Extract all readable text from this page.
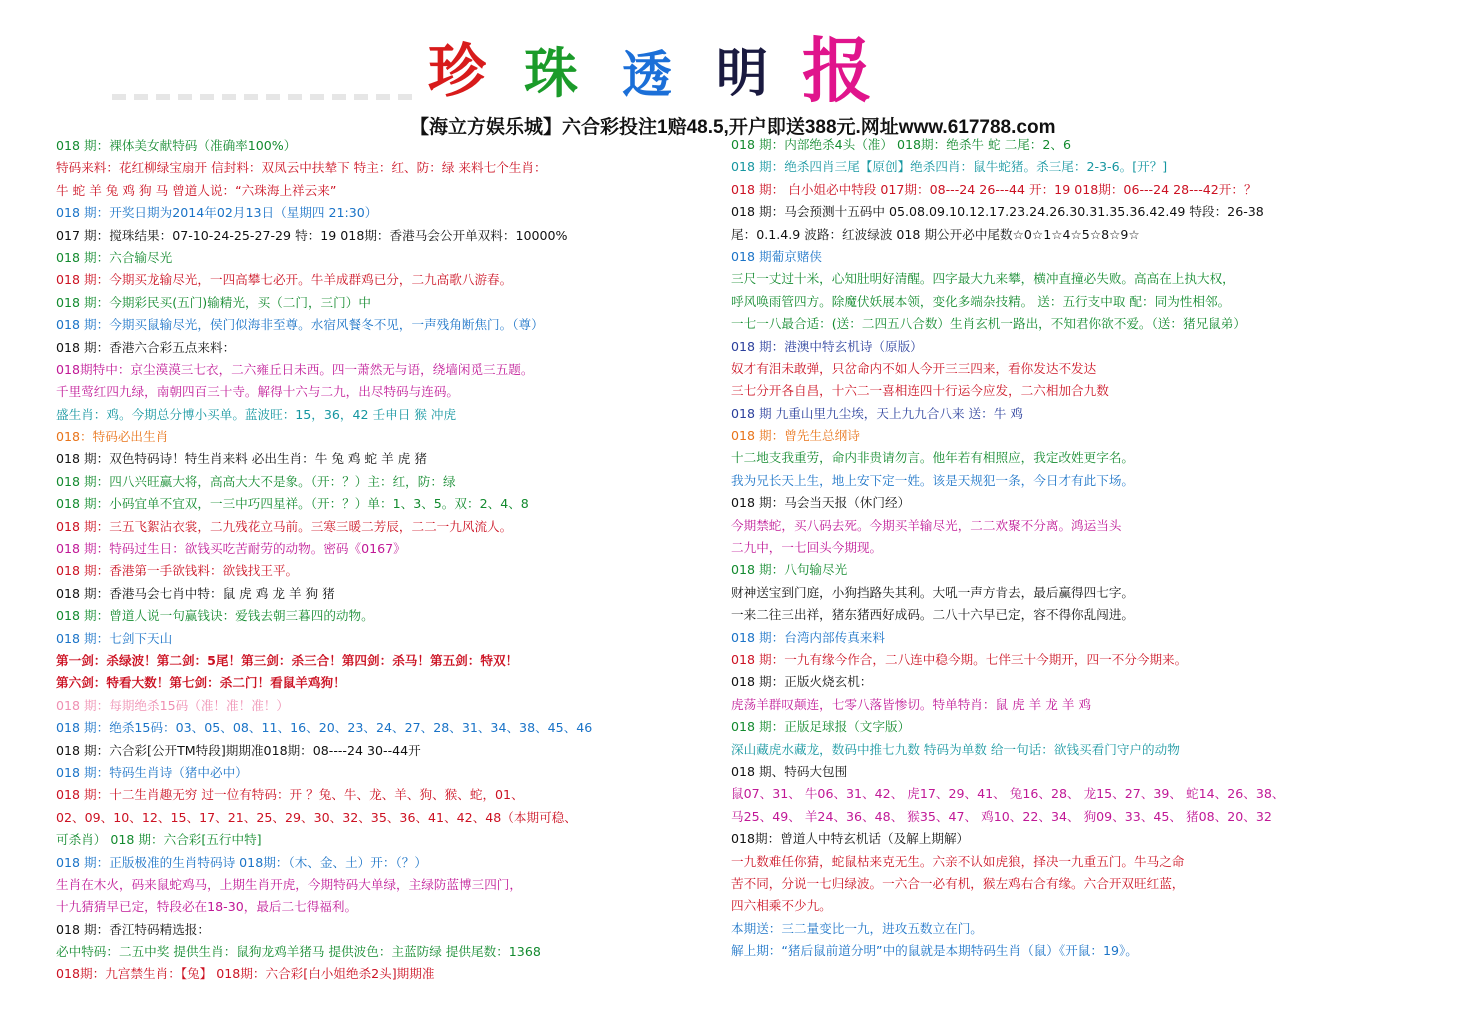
珍 珠 透 明 报
【海立方娱乐城】六合彩投注1赔48.5,开户即送388元.网址www.617788.com
018 期：裸体美女献特码（准确率100%）
特码来料：花红柳绿宝扇开 信封料：双凤云中扶辇下 特主：红、防：绿 来料七个生肖：
牛 蛇 羊 兔 鸡 狗 马 曾道人说：“六珠海上祥云来”
018 期：开奖日期为2014年02月13日（星期四 21:30）
017 期：搅珠结果：07-10-24-25-27-29 特：19 018期：香港马会公开单双料：10000%
018 期：六合输尽光
018 期：今期买龙输尽光，一四高攀七必开。牛羊成群鸡已分，二九高歌八游春。
018 期：今期彩民买(五门)输精光，买（二门，三门）中
018 期：今期买鼠输尽光，侯门似海非至尊。水宿风餐冬不见，一声残角断焦门。（尊）
018 期：香港六合彩五点来料：
018期特中：京尘漠漠三七衣，二六雍丘日未西。四一萧然无与语，绕墙闲觅三五题。
千里莺红四九绿，南朝四百三十寺。解得十六与二九，出尽特码与连码。
盛生肖：鸡。今期总分博小买单。蓝波旺：15，36，42 壬申日 猴 冲虎
018：特码必出生肖
018 期：双色特码诗！特生肖来料 必出生肖：牛 兔 鸡 蛇 羊 虎 猪
018 期：四八兴旺赢大将，高高大大不是象。（开：？）主：红，防：绿
018 期：小码宜单不宜双，一三中巧四星祥。（开：？）单：1、3、5。双：2、4、8
018 期：三五飞絮沾衣裳，二九残花立马前。三寒三暖二芳辰，二二一九风流人。
018 期：特码过生日：欲钱买吃苦耐劳的动物。密码《0167》
018 期：香港第一手欲钱料：欲钱找王平。
018 期：香港马会七肖中特：鼠 虎 鸡 龙 羊 狗 猪
018 期：曾道人说一句赢钱诀：爱钱去朝三暮四的动物。
018 期：七剑下天山
第一剑：杀绿波！第二剑：5尾！第三剑：杀三合！第四剑：杀马！第五剑：特双！
第六剑：特看大数！第七剑：杀二门！看鼠羊鸡狗！
018 期：每期绝杀15码（准！准！准！）
018 期：绝杀15码：03、05、08、11、16、20、23、24、27、28、31、34、38、45、46
018 期：六合彩[公开TM特段]期期准018期：08----24 30--44开
018 期：特码生肖诗（猪中必中）
018 期：十二生肖趣无穷 过一位有特码：开 ？兔、牛、龙、羊、狗、猴、蛇，01、
02、09、10、12、15、17、21、25、29、30、32、35、36、41、42、48（本期可稳、
可杀肖） 018 期：六合彩[五行中特]
018 期：正版极准的生肖特码诗 018期：（木、金、土）开：（？）
生肖在木火，码来鼠蛇鸡马，上期生肖开虎，今期特码大单绿，主绿防蓝博三四门，
十九猜猜早已定，特段必在18-30，最后二七得福利。
018 期：香江特码精选报：
必中特码：二五中奖 提供生肖：鼠狗龙鸡羊猪马 提供波色：主蓝防绿 提供尾数：1368
018期：九宫禁生肖：【兔】 018期：六合彩[白小姐绝杀2头]期期准
018 期：内部绝杀4头（准） 018期：绝杀牛 蛇 二尾：2、6
018 期：绝杀四肖三尾【原创】绝杀四肖：鼠牛蛇猪。杀三尾：2-3-6。[开？]
018 期： 白小姐必中特段 017期：08---24 26---44 开：19 018期：06---24 28---42开：？
018 期：马会预测十五码中 05.08.09.10.12.17.23.24.26.30.31.35.36.42.49 特段：26-38
尾：0.1.4.9 波路：红波绿波 018 期公开必中尾数☆0☆1☆4☆5☆8☆9☆
018 期葡京赌侠
三尺一丈过十米，心知肚明好清醒。四字最大九来攀，横冲直撞必失败。高高在上执大权，
呼风唤雨管四方。除魔伏妖展本领，变化多端杂技精。 送：五行支中取 配：同为性相邻。
一七一八最合适：(送：二四五八合数）生肖玄机一路出，不知君你欲不爱。（送：猪兄鼠弟）
018 期：港澳中特玄机诗（原版）
奴才有泪未敢弹，只岔命内不如人今开三三四来，看你发达不发达
三七分开各自昌，十六二一喜相连四十行运今应发，二六相加合九数
018 期 九重山里九尘埃，天上九九合八来 送：牛 鸡
018 期：曾先生总纲诗
十二地支我重劳，命内非贵请勿言。他年若有相照应，我定改姓更字名。
我为兄长天上生，地上安下定一姓。该是天规犯一条，今日才有此下场。
018 期：马会当天报（休门经）
今期禁蛇，买八码去死。今期买羊输尽光，二二欢聚不分离。鸿运当头
二九中，一七回头今期现。
018 期：八句输尽光
财神送宝到门庭，小狗挡路失其利。大吼一声方肯去，最后赢得四七字。
一来二往三出祥，猪东猪西好成码。二八十六早已定，容不得你乱闯进。
018 期：台湾内部传真来料
018 期：一九有缘今作合，二八连中稳今期。七伴三十今期开，四一不分今期来。
018 期：正版火烧玄机：
虎荡羊群叹颠连，七零八落皆惨切。特单特肖：鼠 虎 羊 龙 羊 鸡
018 期：正版足球报（文字版）
深山藏虎水藏龙，数码中推七九数 特码为单数 给一句话：欲钱买看门守户的动物
018 期、特码大包围
鼠07、31、 牛06、31、42、 虎17、29、41、 兔16、28、 龙15、27、39、 蛇14、26、38、
马25、49、 羊24、36、48、 猴35、47、 鸡10、22、34、 狗09、33、45、 猪08、20、32
018期：曾道人中特玄机话（及解上期解）
一九数难任你猜，蛇鼠枯来克无生。六亲不认如虎狼，择决一九重五门。牛马之命
苦不同，分说一七归绿波。一六合一必有机，猴左鸡右合有缘。六合开双旺红蓝，
四六相乘不少九。
本期送：三二量变比一九，进攻五数立在门。
解上期：“猪后鼠前道分明”中的鼠就是本期特码生肖（鼠）《开鼠：19》。
